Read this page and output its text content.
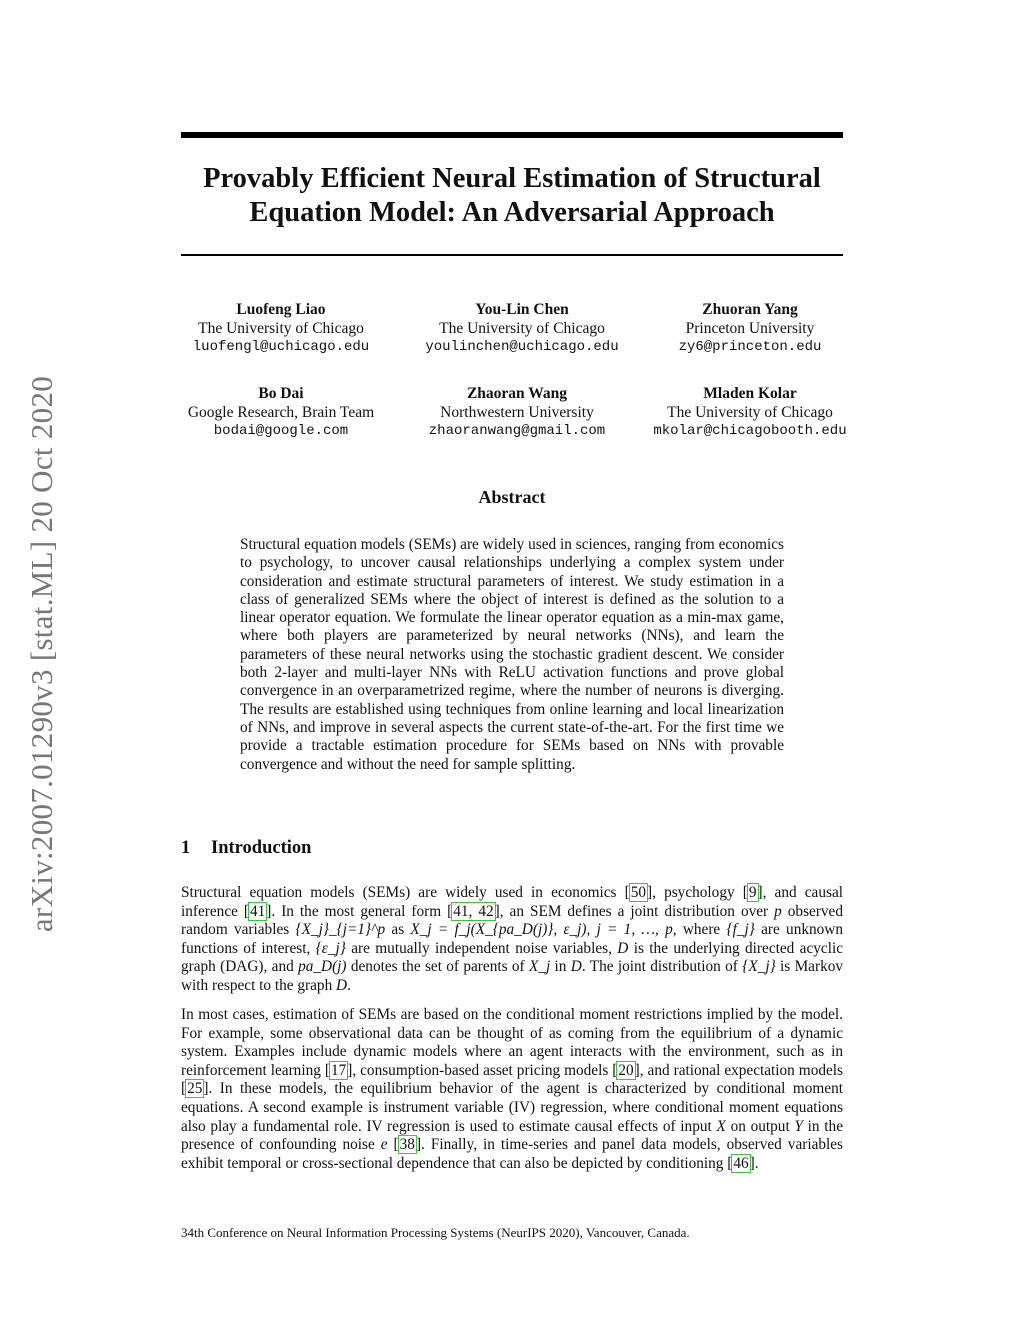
arXiv:2007.01290v3 [stat.ML] 20 Oct 2020
Provably Efficient Neural Estimation of Structural
Equation Model: An Adversarial Approach
Luofeng Liao
The University of Chicago
luofengl@uchicago.edu
You-Lin Chen
The University of Chicago
youlinchen@uchicago.edu
Zhuoran Yang
Princeton University
zy6@princeton.edu
Bo Dai
Google Research, Brain Team
bodai@google.com
Zhaoran Wang
Northwestern University
zhaoranwang@gmail.com
Mladen Kolar
The University of Chicago
mkolar@chicagobooth.edu
Abstract
Structural equation models (SEMs) are widely used in sciences, ranging from economics to psychology, to uncover causal relationships underlying a complex system under consideration and estimate structural parameters of interest. We study estimation in a class of generalized SEMs where the object of interest is defined as the solution to a linear operator equation. We formulate the linear operator equation as a min-max game, where both players are parameterized by neural networks (NNs), and learn the parameters of these neural networks using the stochastic gradient descent. We consider both 2-layer and multi-layer NNs with ReLU activation functions and prove global convergence in an overparametrized regime, where the number of neurons is diverging. The results are established using techniques from online learning and local linearization of NNs, and improve in several aspects the current state-of-the-art. For the first time we provide a tractable estimation procedure for SEMs based on NNs with provable convergence and without the need for sample splitting.
1 Introduction
Structural equation models (SEMs) are widely used in economics [50], psychology [9], and causal inference [41]. In the most general form [41, 42], an SEM defines a joint distribution over p observed random variables {X_j}_{j=1}^p as X_j = f_j(X_{pa_D(j)}, ε_j), j = 1, …, p, where {f_j} are unknown functions of interest, {ε_j} are mutually independent noise variables, D is the underlying directed acyclic graph (DAG), and pa_D(j) denotes the set of parents of X_j in D. The joint distribution of {X_j} is Markov with respect to the graph D.
In most cases, estimation of SEMs are based on the conditional moment restrictions implied by the model. For example, some observational data can be thought of as coming from the equilibrium of a dynamic system. Examples include dynamic models where an agent interacts with the environment, such as in reinforcement learning [17], consumption-based asset pricing models [20], and rational expectation models [25]. In these models, the equilibrium behavior of the agent is characterized by conditional moment equations. A second example is instrument variable (IV) regression, where conditional moment equations also play a fundamental role. IV regression is used to estimate causal effects of input X on output Y in the presence of confounding noise e [38]. Finally, in time-series and panel data models, observed variables exhibit temporal or cross-sectional dependence that can also be depicted by conditioning [46].
34th Conference on Neural Information Processing Systems (NeurIPS 2020), Vancouver, Canada.
